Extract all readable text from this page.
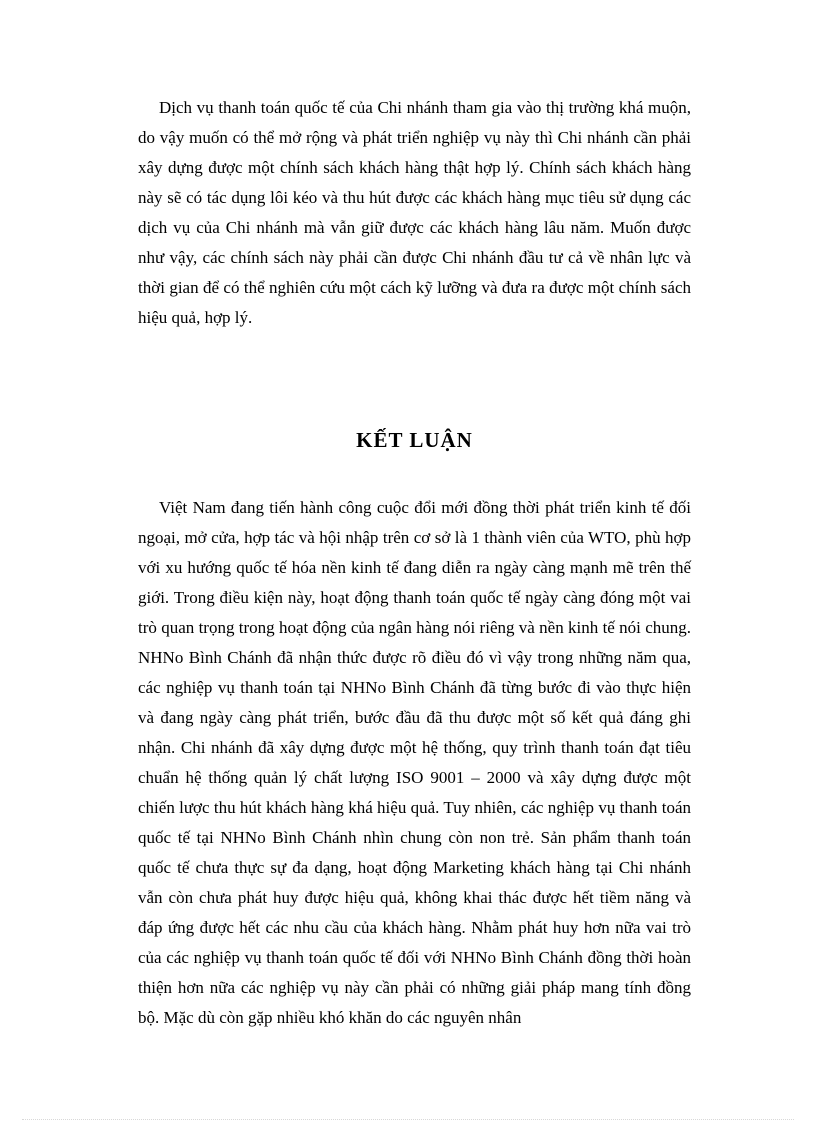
Dịch vụ thanh toán quốc tế của Chi nhánh tham gia vào thị trường khá muộn, do vậy muốn có thể mở rộng và phát triển nghiệp vụ này thì Chi nhánh cần phải xây dựng được một chính sách khách hàng thật hợp lý. Chính sách khách hàng này sẽ có tác dụng lôi kéo và thu hút được các khách hàng mục tiêu sử dụng các dịch vụ của Chi nhánh mà vẫn giữ được các khách hàng lâu năm. Muốn được như vậy, các chính sách này phải cần được Chi nhánh đầu tư cả về nhân lực và thời gian để có thể nghiên cứu một cách kỹ lưỡng và đưa ra được một chính sách hiệu quả, hợp lý.

KẾT LUẬN

Việt Nam đang tiến hành công cuộc đổi mới đồng thời phát triển kinh tế đối ngoại, mở cửa, hợp tác và hội nhập trên cơ sở là 1 thành viên của WTO, phù hợp với xu hướng quốc tế hóa nền kinh tế đang diễn ra ngày càng mạnh mẽ trên thế giới. Trong điều kiện này, hoạt động thanh toán quốc tế ngày càng đóng một vai trò quan trọng trong hoạt động của ngân hàng nói riêng và nền kinh tế nói chung. NHNo Bình Chánh đã nhận thức được rõ điều đó vì vậy trong những năm qua, các nghiệp vụ thanh toán tại NHNo Bình Chánh đã từng bước đi vào thực hiện và đang ngày càng phát triển, bước đầu đã thu được một số kết quả đáng ghi nhận. Chi nhánh đã xây dựng được một hệ thống, quy trình thanh toán đạt tiêu chuẩn hệ thống quản lý chất lượng ISO 9001 – 2000 và xây dựng được một chiến lược thu hút khách hàng khá hiệu quả. Tuy nhiên, các nghiệp vụ thanh toán quốc tế tại NHNo Bình Chánh nhìn chung còn non trẻ. Sản phẩm thanh toán quốc tế chưa thực sự đa dạng, hoạt động Marketing khách hàng tại Chi nhánh vẫn còn chưa phát huy được hiệu quả, không khai thác được hết tiềm năng và đáp ứng được hết các nhu cầu của khách hàng. Nhằm phát huy hơn nữa vai trò của các nghiệp vụ thanh toán quốc tế đối với NHNo Bình Chánh đồng thời hoàn thiện hơn nữa các nghiệp vụ này cần phải có những giải pháp mang tính đồng bộ. Mặc dù còn gặp nhiều khó khăn do các nguyên nhân
